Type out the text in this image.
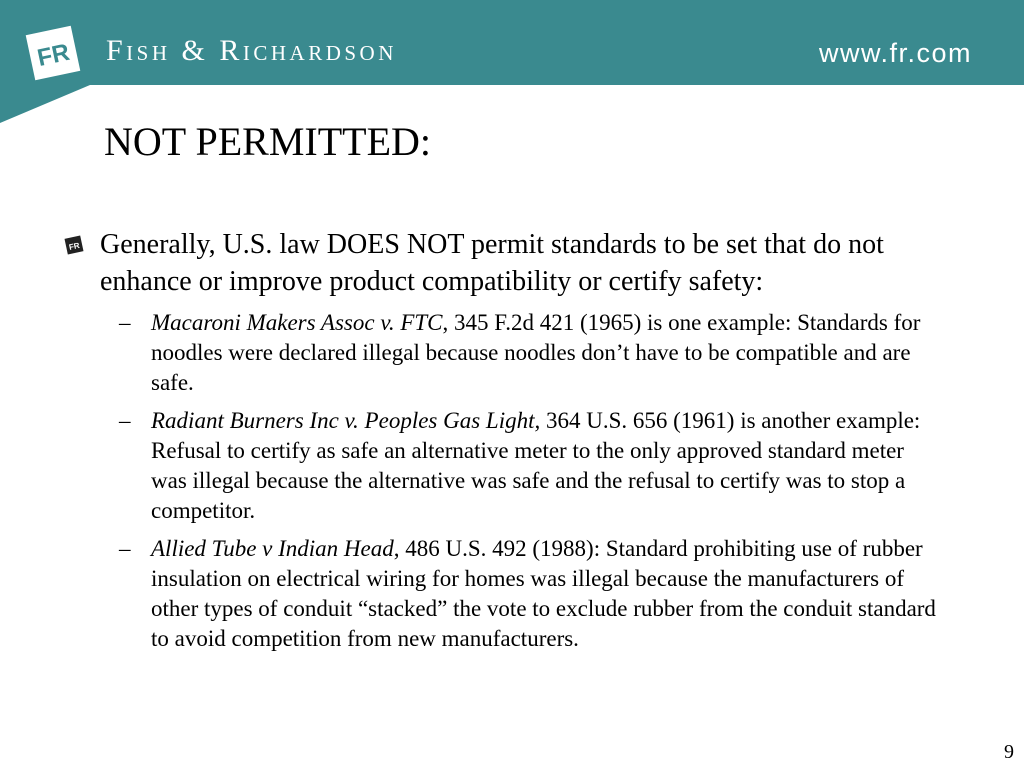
FR Fish & Richardson	www.fr.com
NOT PERMITTED:
FR Generally, U.S. law DOES NOT permit standards to be set that do not enhance or improve product compatibility or certify safety:
– Macaroni Makers Assoc v. FTC, 345 F.2d 421 (1965) is one example: Standards for noodles were declared illegal because noodles don’t have to be compatible and are safe.
– Radiant Burners Inc v. Peoples Gas Light, 364 U.S. 656 (1961) is another example: Refusal to certify as safe an alternative meter to the only approved standard meter was illegal because the alternative was safe and the refusal to certify was to stop a competitor.
– Allied Tube v Indian Head, 486 U.S. 492 (1988): Standard prohibiting use of rubber insulation on electrical wiring for homes was illegal because the manufacturers of other types of conduit “stacked” the vote to exclude rubber from the conduit standard to avoid competition from new manufacturers.
9
